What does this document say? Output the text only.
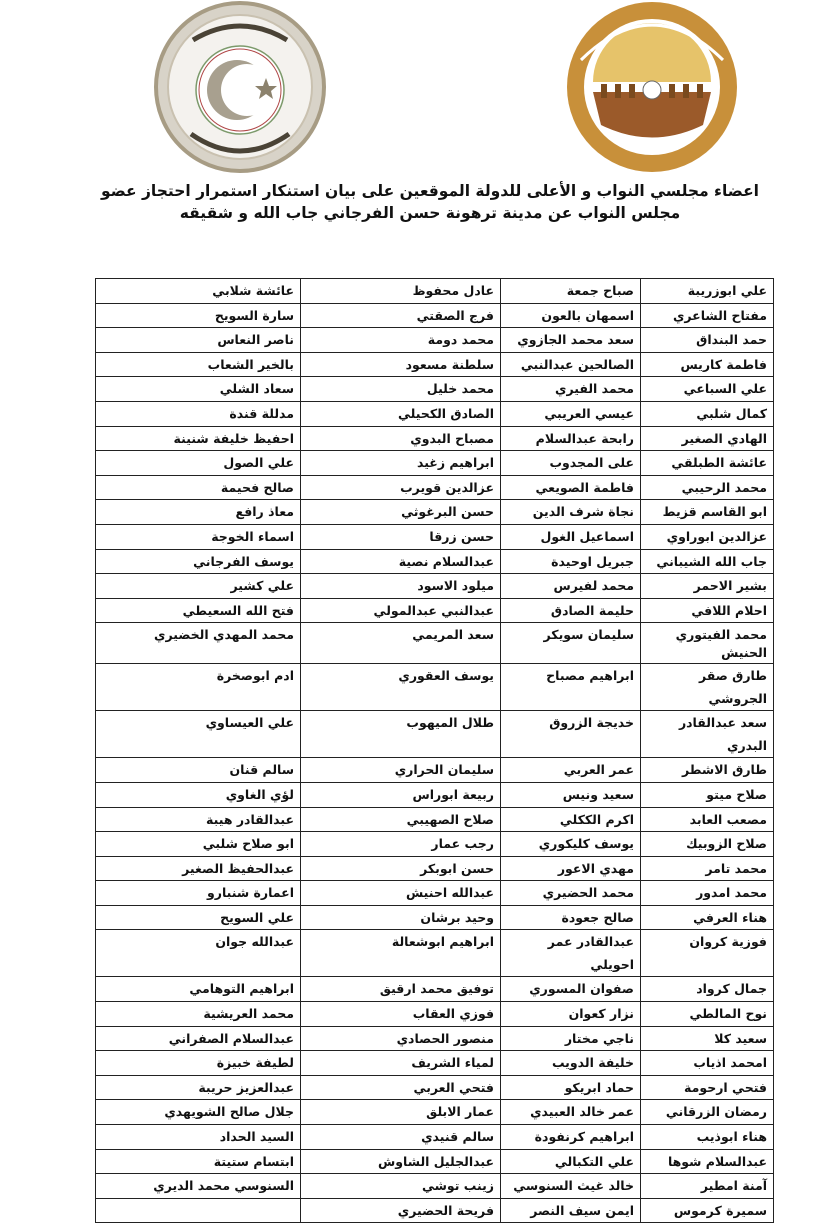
اعضاء مجلسي النواب و الأعلى للدولة الموقعين على بيان استنكار استمرار احتجاز عضو
مجلس النواب عن مدينة ترهونة حسن الفرجاني جاب الله و شقيقه
علي ابوزريبة	صباح جمعة	عادل محفوظ	عائشة شلابي
مفتاح الشاعري	اسمهان بالعون	فرج الصقتي	سارة السويح
حمد البنداق	سعد محمد الجازوي	محمد دومة	ناصر النعاس
فاطمة كاريس	الصالحين عبدالنبي	سلطنة مسعود	بالخير الشعاب
علي السباعي	محمد الفيري	محمد خليل	سعاد الشلي
كمال شلبي	عيسي العريبي	الصادق الكحيلي	مدللة قندة
الهادي الصغير	رابحة عبدالسلام	مصباح البدوي	احفيظ خليفة شنينة
عائشة الطبلقي	على المجدوب	ابراهيم زغيد	علي الصول
محمد الرحيبي	فاطمة الصويعي	عزالدين قويرب	صالح فحيمة
ابو القاسم قزيط	نجاة شرف الدين	حسن البرغوثي	معاذ رافع
عزالدين ابوراوي	اسماعيل الغول	حسن زرقا	اسماء الخوجة
جاب الله الشيباني	جبريل اوحيدة	عبدالسلام نصية	يوسف الفرجاني
بشير الاحمر	محمد لفيرس	ميلود الاسود	علي كشير
احلام اللافي	حليمة الصادق	عبدالنبي عبدالمولي	فتح الله السعيطي
محمد الفيتوري الحنيش	سليمان سويكر	سعد المريمي	محمد المهدي الخضيري
طارق صقر الجروشي	ابراهيم مصباح	يوسف العقوري	ادم ابوصخرة
سعد عبدالقادر البدري	خديجة الزروق	طلال الميهوب	علي العيساوي
طارق الاشطر	عمر العربي	سليمان الحراري	سالم قنان
صلاح ميتو	سعيد ونيس	ربيعة ابوراس	لؤي الغاوي
مصعب العابد	اكرم الككلي	صلاح الصهيبي	عبدالقادر هيبة
صلاح الزوبيك	يوسف كليكوري	رجب عمار	ابو صلاح شلبي
محمد تامر	مهدي الاعور	حسن ابوبكر	عبدالحفيظ الصغير
محمد امدور	محمد الحضيري	عبدالله احنيش	اعمارة شنبارو
هناء العرفي	صالح جعودة	وحيد برشان	علي السويح
فوزية كروان	عبدالقادر عمر احويلي	ابراهيم ابوشعالة	عبدالله جوان
جمال كرواد	صفوان المسوري	توفيق محمد ارقيق	ابراهيم التوهامي
نوح المالطي	نزار كعوان	فوزي العقاب	محمد العريشية
سعيد كلا	ناجي مختار	منصور الحصادي	عبدالسلام الصفراني
امحمد اذياب	خليفة الدويب	لمياء الشريف	لطيفة خبيزة
فتحي ارحومة	حماد ابريكو	فتحي العربي	عبدالعزيز حريبة
رمضان الزرقاني	عمر خالد العبيدي	عمار الابلق	جلال صالح الشويهدي
هناء ابوذيب	ابراهيم كرنفودة	سالم قنيدي	السيد الحداد
عبدالسلام شوها	علي التكبالي	عبدالجليل الشاوش	ابتسام ستيتة
آمنة امطير	خالد غيث السنوسي	زينب توشي	السنوسي محمد الديري
سميرة كرموس	ايمن سيف النصر	فريحة الحضيري	
